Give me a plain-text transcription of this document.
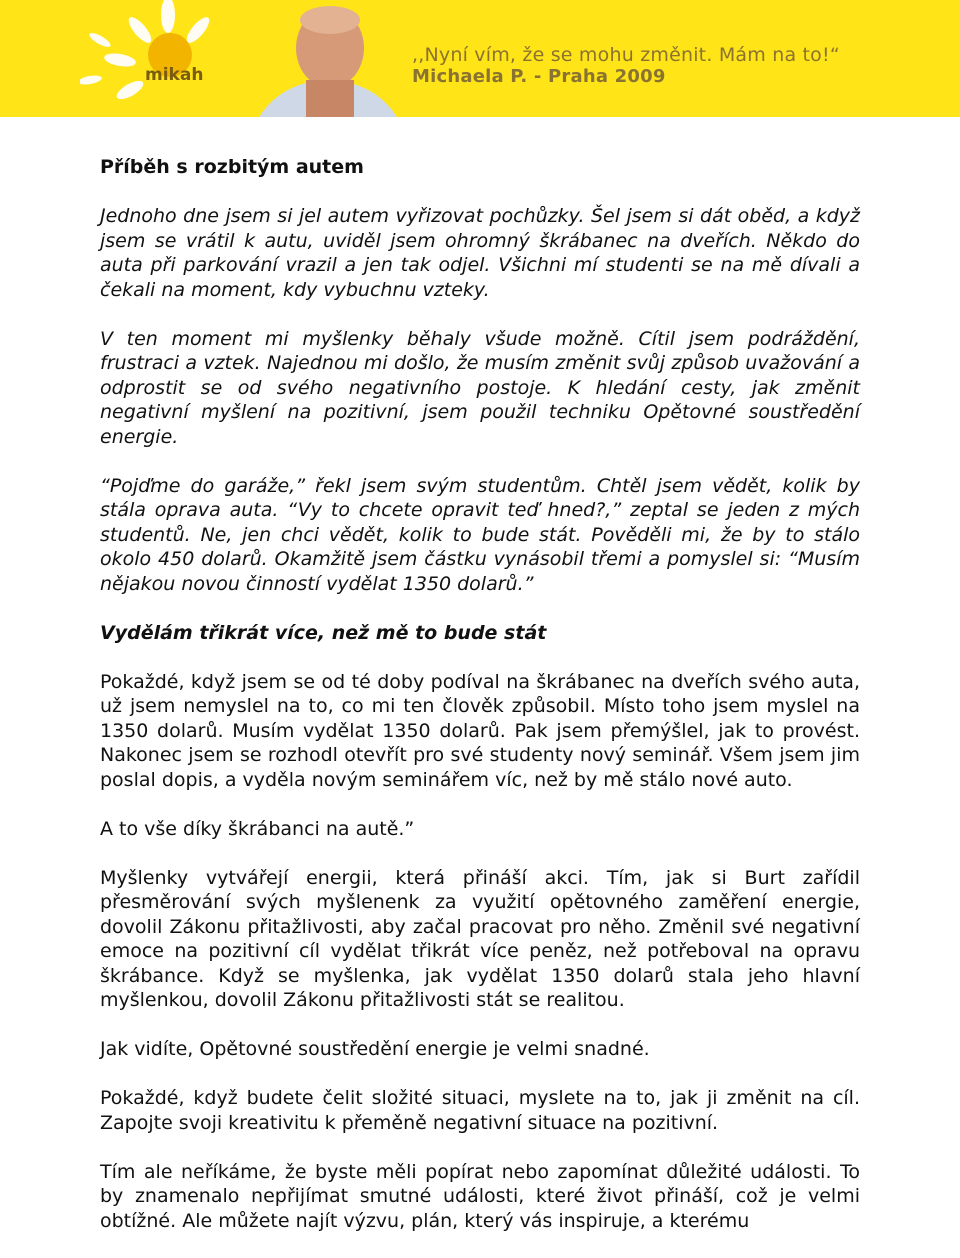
mikah
,,Nyní vím, že se mohu změnit. Mám na to!“
Michaela P. - Praha 2009
Příběh s rozbitým autem

Jednoho dne jsem si jel autem vyřizovat pochůzky. Šel jsem si dát oběd, a když jsem se vrátil k autu, uviděl jsem ohromný škrábanec na dveřích. Někdo do auta při parkování vrazil a jen tak odjel. Všichni mí studenti se na mě dívali a čekali na moment, kdy vybuchnu vzteky.

V ten moment mi myšlenky běhaly všude možně. Cítil jsem podráždění, frustraci a vztek. Najednou mi došlo, že musím změnit svůj způsob uvažování a odprostit se od svého negativního postoje. K hledání cesty, jak změnit negativní myšlení na pozitivní, jsem použil techniku Opětovné soustředění energie.

“Pojďme do garáže,” řekl jsem svým studentům. Chtěl jsem vědět, kolik by stála oprava auta. “Vy to chcete opravit teď hned?,” zeptal se jeden z mých studentů. Ne, jen chci vědět, kolik to bude stát. Pověděli mi, že by to stálo okolo 450 dolarů. Okamžitě jsem částku vynásobil třemi a pomyslel si: “Musím nějakou novou činností vydělat 1350 dolarů.”

Vydělám třikrát více, než mě to bude stát

Pokaždé, když jsem se od té doby podíval na škrábanec na dveřích svého auta, už jsem nemyslel na to, co mi ten člověk způsobil. Místo toho jsem myslel na 1350 dolarů. Musím vydělat 1350 dolarů. Pak jsem přemýšlel, jak to provést. Nakonec jsem se rozhodl otevřít pro své studenty nový seminář. Všem jsem jim poslal dopis, a vyděla novým seminářem víc, než by mě stálo nové auto.

A to vše díky škrábanci na autě.”

Myšlenky vytvářejí energii, která přináší akci. Tím, jak si Burt zařídil přesměrování svých myšlenenk za využití opětovného zaměření energie, dovolil Zákonu přitažlivosti, aby začal pracovat pro něho. Změnil své negativní emoce na pozitivní cíl vydělat třikrát více peněz, než potřeboval na opravu škrábance. Když se myšlenka, jak vydělat 1350 dolarů stala jeho hlavní myšlenkou, dovolil Zákonu přitažlivosti stát se realitou.

Jak vidíte, Opětovné soustředění energie je velmi snadné.

Pokaždé, když budete čelit složité situaci, myslete na to, jak ji změnit na cíl. Zapojte svoji kreativitu k přeměně negativní situace na pozitivní.

Tím ale neříkáme, že byste měli popírat nebo zapomínat důležité události. To by znamenalo nepřijímat smutné události, které život přináší, což je velmi obtížné. Ale můžete najít výzvu, plán, který vás inspiruje, a kterému
